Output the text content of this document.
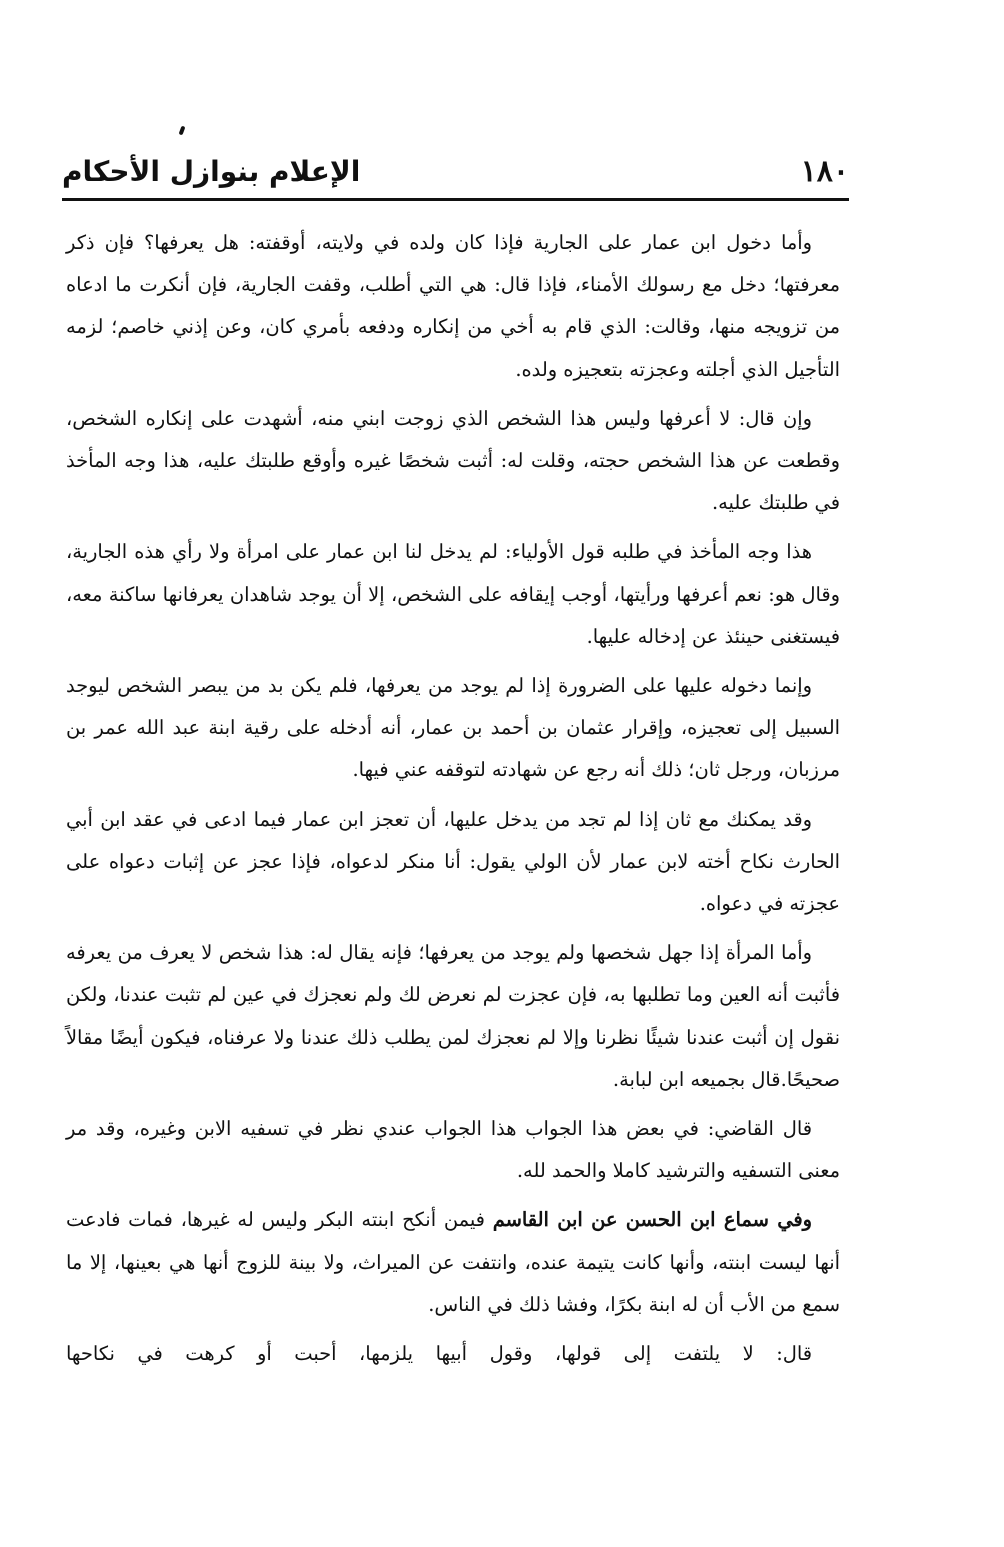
١٨٠
الإعلام بنوازل الأحكام

وأما دخول ابن عمار على الجارية فإذا كان ولده في ولايته، أوقفته: هل يعرفها؟ فإن ذكر معرفتها؛ دخل مع رسولك الأمناء، فإذا قال: هي التي أطلب، وقفت الجارية، فإن أنكرت ما ادعاه من تزويجه منها، وقالت: الذي قام به أخي من إنكاره ودفعه بأمري كان، وعن إذني خاصم؛ لزمه التأجيل الذي أجلته وعجزته بتعجيزه ولده.

وإن قال: لا أعرفها وليس هذا الشخص الذي زوجت ابني منه، أشهدت على إنكاره الشخص، وقطعت عن هذا الشخص حجته، وقلت له: أثبت شخصًا غيره وأوقع طلبتك عليه، هذا وجه المأخذ في طلبتك عليه.

هذا وجه المأخذ في طلبه قول الأولياء: لم يدخل لنا ابن عمار على امرأة ولا رأي هذه الجارية، وقال هو: نعم أعرفها ورأيتها، أوجب إيقافه على الشخص، إلا أن يوجد شاهدان يعرفانها ساكنة معه، فيستغنى حينئذ عن إدخاله عليها.

وإنما دخوله عليها على الضرورة إذا لم يوجد من يعرفها، فلم يكن بد من يبصر الشخص ليوجد السبيل إلى تعجيزه، وإقرار عثمان بن أحمد بن عمار، أنه أدخله على رقية ابنة عبد الله عمر بن مرزبان، ورجل ثان؛ ذلك أنه رجع عن شهادته لتوقفه عني فيها.

وقد يمكنك مع ثان إذا لم تجد من يدخل عليها، أن تعجز ابن عمار فيما ادعى في عقد ابن أبي الحارث نكاح أخته لابن عمار لأن الولي يقول: أنا منكر لدعواه، فإذا عجز عن إثبات دعواه على عجزته في دعواه.

وأما المرأة إذا جهل شخصها ولم يوجد من يعرفها؛ فإنه يقال له: هذا شخص لا يعرف من يعرفه فأثبت أنه العين وما تطلبها به، فإن عجزت لم نعرض لك ولم نعجزك في عين لم تثبت عندنا، ولكن نقول إن أثبت عندنا شيئًا نظرنا وإلا لم نعجزك لمن يطلب ذلك عندنا ولا عرفناه، فيكون أيضًا مقالاً صحيحًا.قال بجميعه ابن لبابة.

قال القاضي: في بعض هذا الجواب هذا الجواب عندي نظر في تسفيه الابن وغيره، وقد مر معنى التسفيه والترشيد كاملا والحمد لله.

وفي سماع ابن الحسن عن ابن القاسم فيمن أنكح ابنته البكر وليس له غيرها، فمات فادعت أنها ليست ابنته، وأنها كانت يتيمة عنده، وانتفت عن الميراث، ولا بينة للزوج أنها هي بعينها، إلا ما سمع من الأب أن له ابنة بكرًا، وفشا ذلك في الناس.

قال: لا يلتفت إلى قولها، وقول أبيها يلزمها، أحبت أو كرهت في نكاحها
